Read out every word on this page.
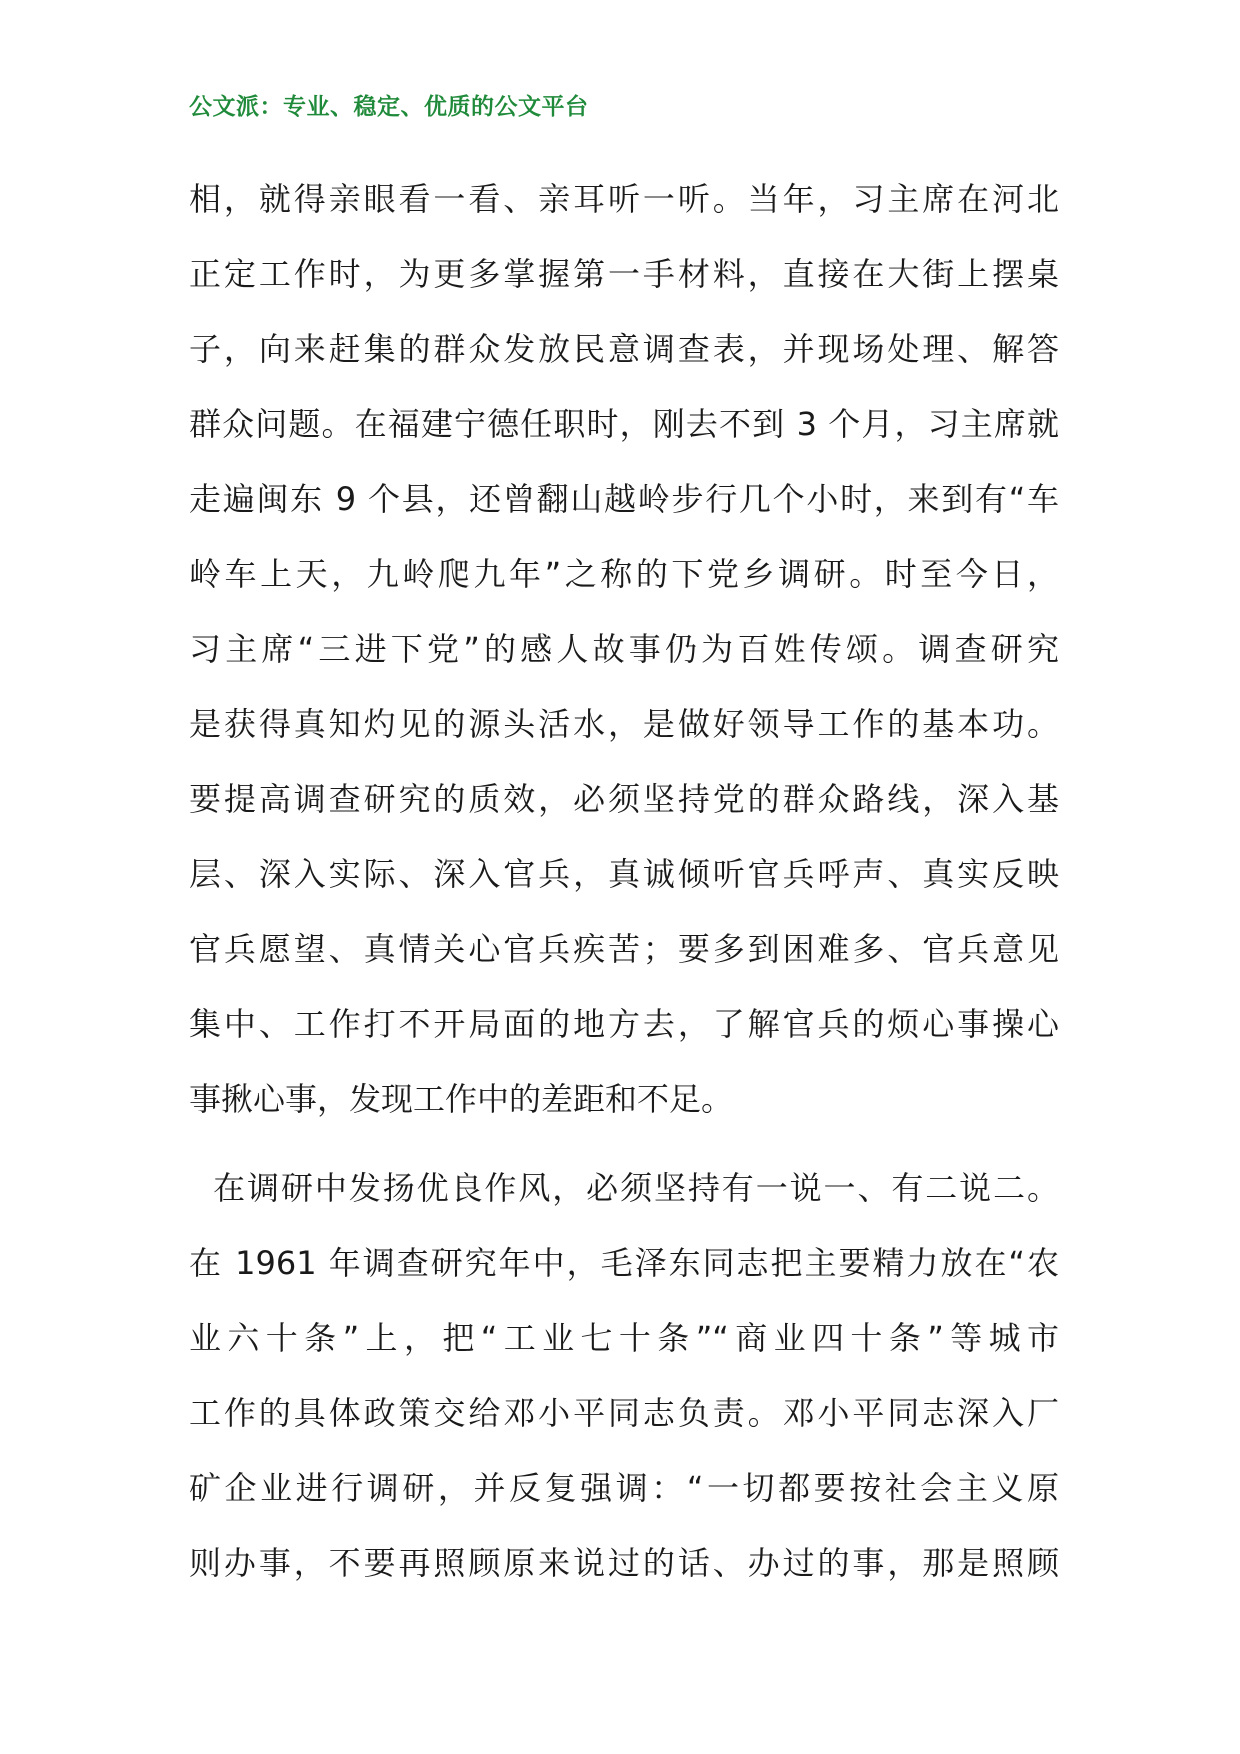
公文派：专业、稳定、优质的公文平台
相，就得亲眼看一看、亲耳听一听。当年，习主席在河北
正定工作时，为更多掌握第一手材料，直接在大街上摆桌
子，向来赶集的群众发放民意调查表，并现场处理、解答
群众问题。在福建宁德任职时，刚去不到 3 个月，习主席就
走遍闽东 9 个县，还曾翻山越岭步行几个小时，来到有“车
岭车上天，九岭爬九年”之称的下党乡调研。时至今日，
习主席“三进下党”的感人故事仍为百姓传颂。调查研究
是获得真知灼见的源头活水，是做好领导工作的基本功。
要提高调查研究的质效，必须坚持党的群众路线，深入基
层、深入实际、深入官兵，真诚倾听官兵呼声、真实反映
官兵愿望、真情关心官兵疾苦；要多到困难多、官兵意见
集中、工作打不开局面的地方去，了解官兵的烦心事操心
事揪心事，发现工作中的差距和不足。
在调研中发扬优良作风，必须坚持有一说一、有二说二。
在 1961 年调查研究年中，毛泽东同志把主要精力放在“农
业六十条”上，把“工业七十条”“商业四十条”等城市
工作的具体政策交给邓小平同志负责。邓小平同志深入厂
矿企业进行调研，并反复强调：“一切都要按社会主义原
则办事，不要再照顾原来说过的话、办过的事，那是照顾
